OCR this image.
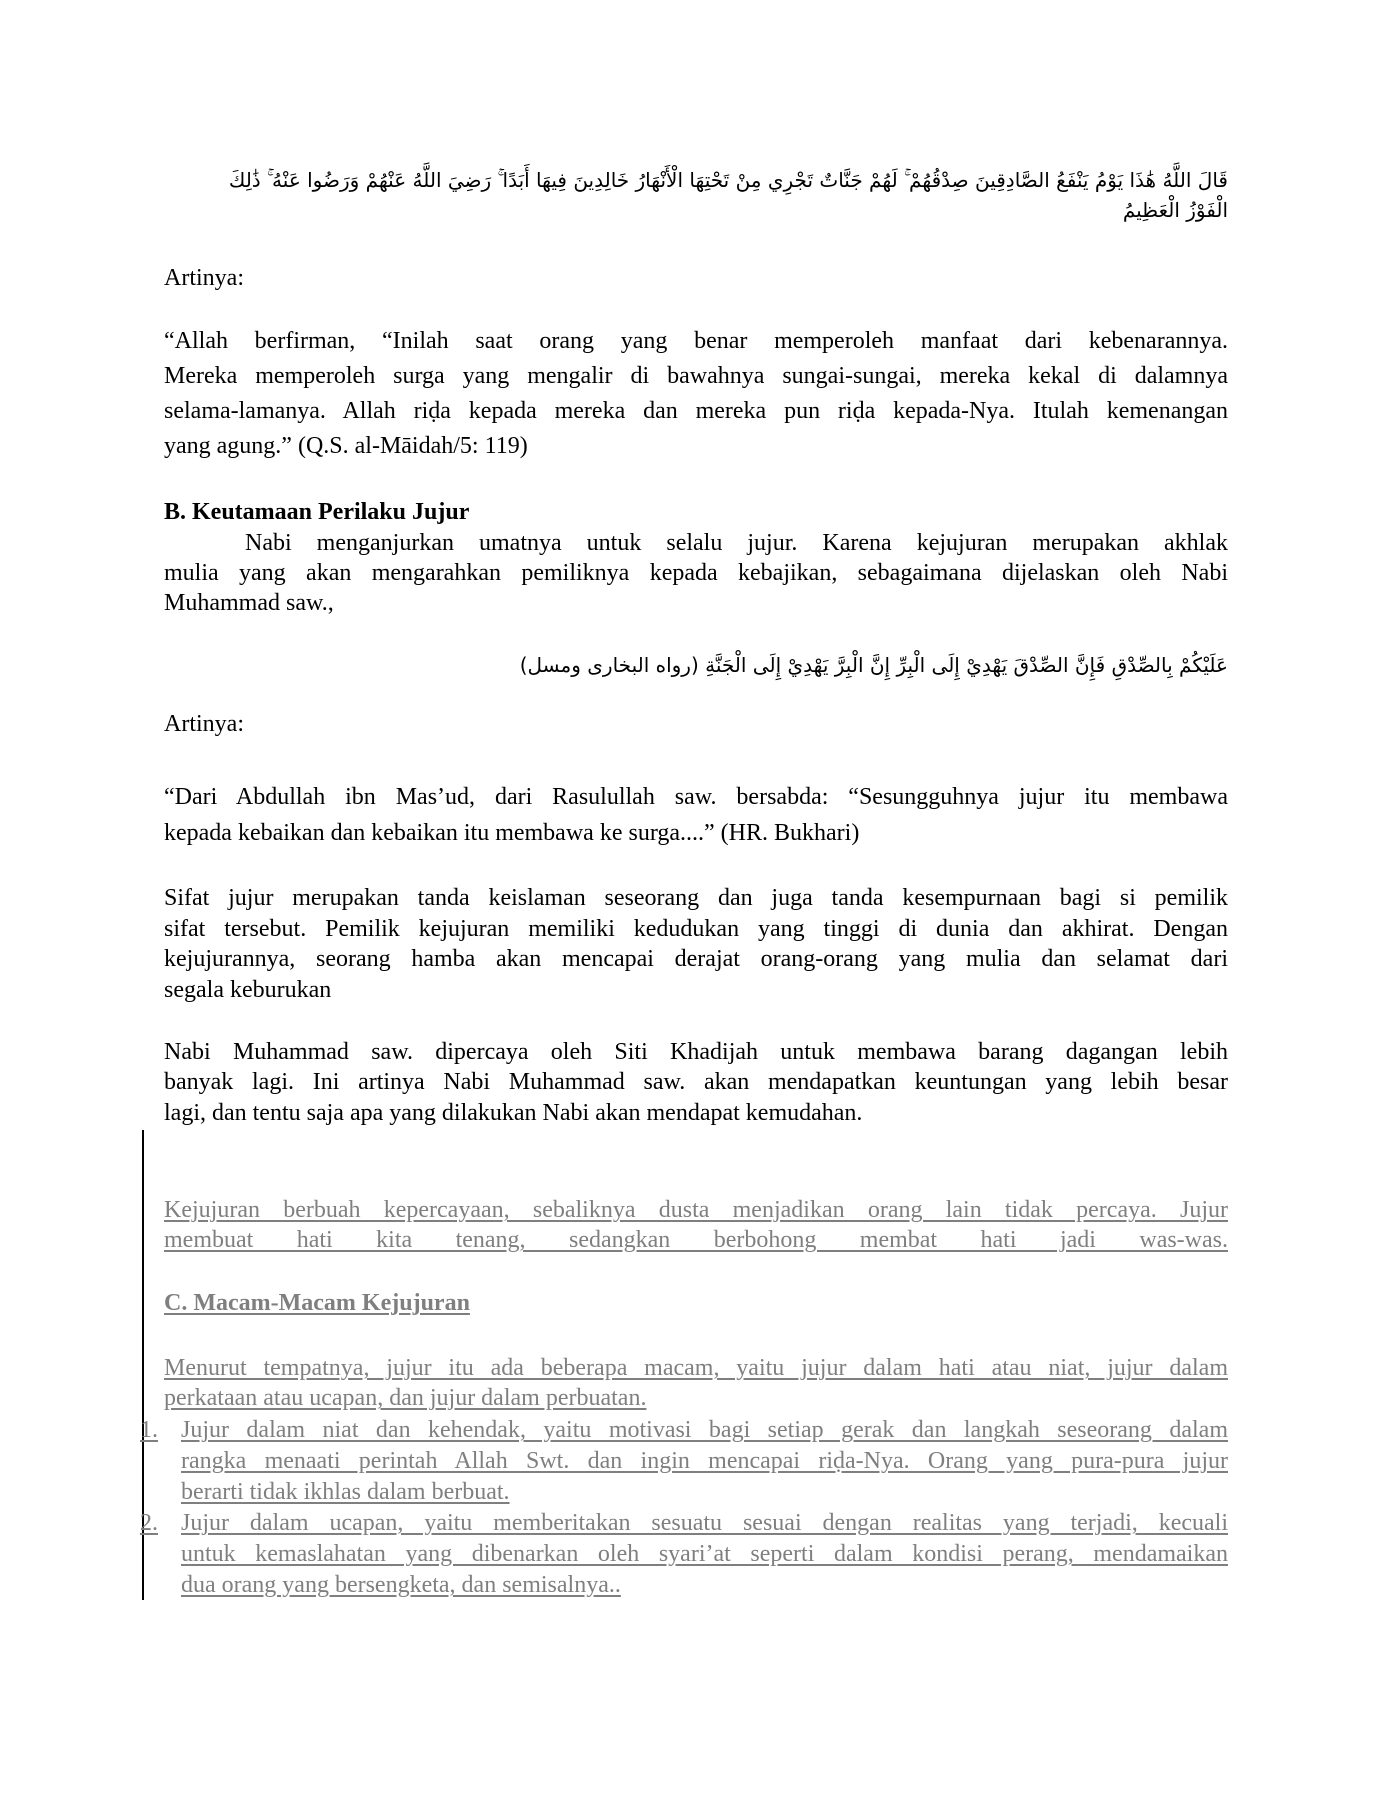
قَالَ اللَّهُ هَٰذَا يَوْمُ يَنْفَعُ الصَّادِقِينَ صِدْقُهُمْ ۚ لَهُمْ جَنَّاتٌ تَجْرِي مِنْ تَحْتِهَا الْأَنْهَارُ خَالِدِينَ فِيهَا أَبَدًا ۚ رَضِيَ اللَّهُ عَنْهُمْ وَرَضُوا عَنْهُ ۚ ذَٰلِكَ
الْفَوْزُ الْعَظِيمُ
Artinya:
“Allah berfirman, “Inilah saat orang yang benar memperoleh manfaat dari kebenarannya.
Mereka memperoleh surga yang mengalir di bawahnya sungai-sungai, mereka kekal di dalamnya
selama-lamanya. Allah riḍa kepada mereka dan mereka pun riḍa kepada-Nya. Itulah kemenangan
yang agung.” (Q.S. al-Māidah/5: 119)
B. Keutamaan Perilaku Jujur
Nabi menganjurkan umatnya untuk selalu jujur. Karena kejujuran merupakan akhlak
mulia yang akan mengarahkan pemiliknya kepada kebajikan, sebagaimana dijelaskan oleh Nabi
Muhammad saw.,
عَلَيْكُمْ بِالصِّدْقِ فَإِنَّ الصِّدْقَ يَهْدِيْ إِلَى الْبِرِّ إِنَّ الْبِرَّ يَهْدِيْ إِلَى الْجَنَّةِ (رواه البخارى ومسل)
Artinya:
“Dari Abdullah ibn Mas’ud, dari Rasulullah saw. bersabda: “Sesungguhnya jujur itu membawa
kepada kebaikan dan kebaikan itu membawa ke surga....” (HR. Bukhari)
Sifat jujur merupakan tanda keislaman seseorang dan juga tanda kesempurnaan bagi si pemilik
sifat tersebut. Pemilik kejujuran memiliki kedudukan yang tinggi di dunia dan akhirat. Dengan
kejujurannya, seorang hamba akan mencapai derajat orang-orang yang mulia dan selamat dari
segala keburukan
Nabi Muhammad saw. dipercaya oleh Siti Khadijah untuk membawa barang dagangan lebih
banyak lagi. Ini artinya Nabi Muhammad saw. akan mendapatkan keuntungan yang lebih besar
lagi, dan tentu saja apa yang dilakukan Nabi akan mendapat kemudahan.
Kejujuran berbuah kepercayaan, sebaliknya dusta menjadikan orang lain tidak percaya. Jujur
membuat hati kita tenang, sedangkan berbohong membat hati jadi was-was.
C. Macam-Macam Kejujuran
Menurut tempatnya, jujur itu ada beberapa macam, yaitu jujur dalam hati atau niat, jujur dalam
perkataan atau ucapan, dan jujur dalam perbuatan.
1. Jujur dalam niat dan kehendak, yaitu motivasi bagi setiap gerak dan langkah seseorang dalam
rangka menaati perintah Allah Swt. dan ingin mencapai riḍa-Nya. Orang yang pura-pura jujur
berarti tidak ikhlas dalam berbuat.
2. Jujur dalam ucapan, yaitu memberitakan sesuatu sesuai dengan realitas yang terjadi, kecuali
untuk kemaslahatan yang dibenarkan oleh syari’at seperti dalam kondisi perang, mendamaikan
dua orang yang bersengketa, dan semisalnya..
